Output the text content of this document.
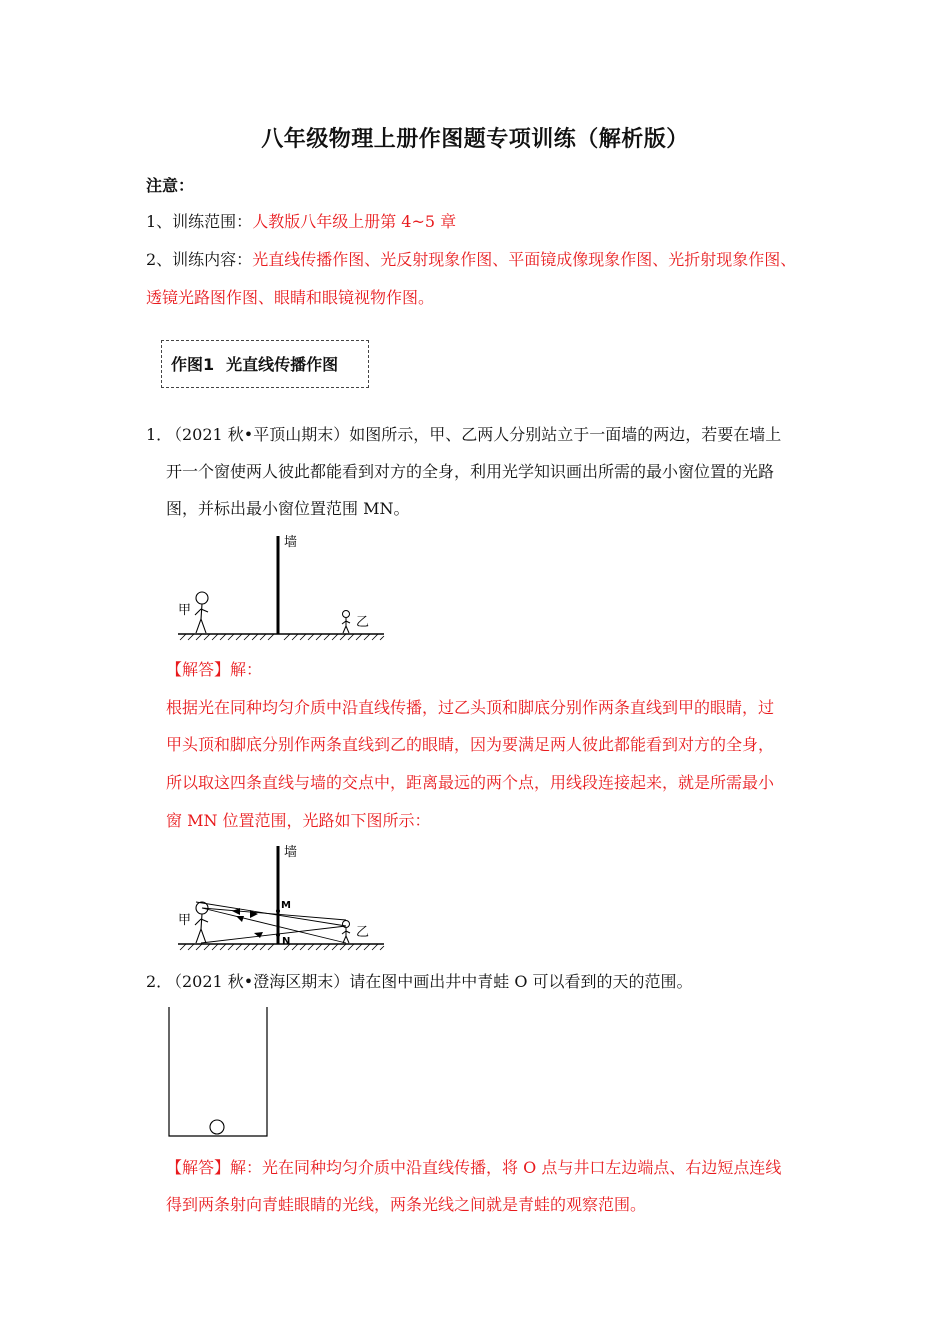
八年级物理上册作图题专项训练（解析版）
注意：
1、训练范围：人教版八年级上册第 4~5 章
2、训练内容：光直线传播作图、光反射现象作图、平面镜成像现象作图、光折射现象作图、
透镜光路图作图、眼睛和眼镜视物作图。
作图1 光直线传播作图
1．
（2021 秋•平顶山期末）如图所示，甲、乙两人分别站立于一面墙的两边，若要在墙上
开一个窗使两人彼此都能看到对方的全身，利用光学知识画出所需的最小窗位置的光路
图，并标出最小窗位置范围 MN。
墙
甲
乙
【解答】解：
根据光在同种均匀介质中沿直线传播，过乙头顶和脚底分别作两条直线到甲的眼睛，过
甲头顶和脚底分别作两条直线到乙的眼睛，因为要满足两人彼此都能看到对方的全身，
所以取这四条直线与墙的交点中，距离最远的两个点，用线段连接起来，就是所需最小
窗 MN 位置范围，光路如下图所示：
墙
甲
乙
M
N
2．
（2021 秋•澄海区期末）请在图中画出井中青蛙 O 可以看到的天的范围。
【解答】解：光在同种均匀介质中沿直线传播，将 O 点与井口左边端点、右边短点连线
得到两条射向青蛙眼睛的光线，两条光线之间就是青蛙的观察范围。
